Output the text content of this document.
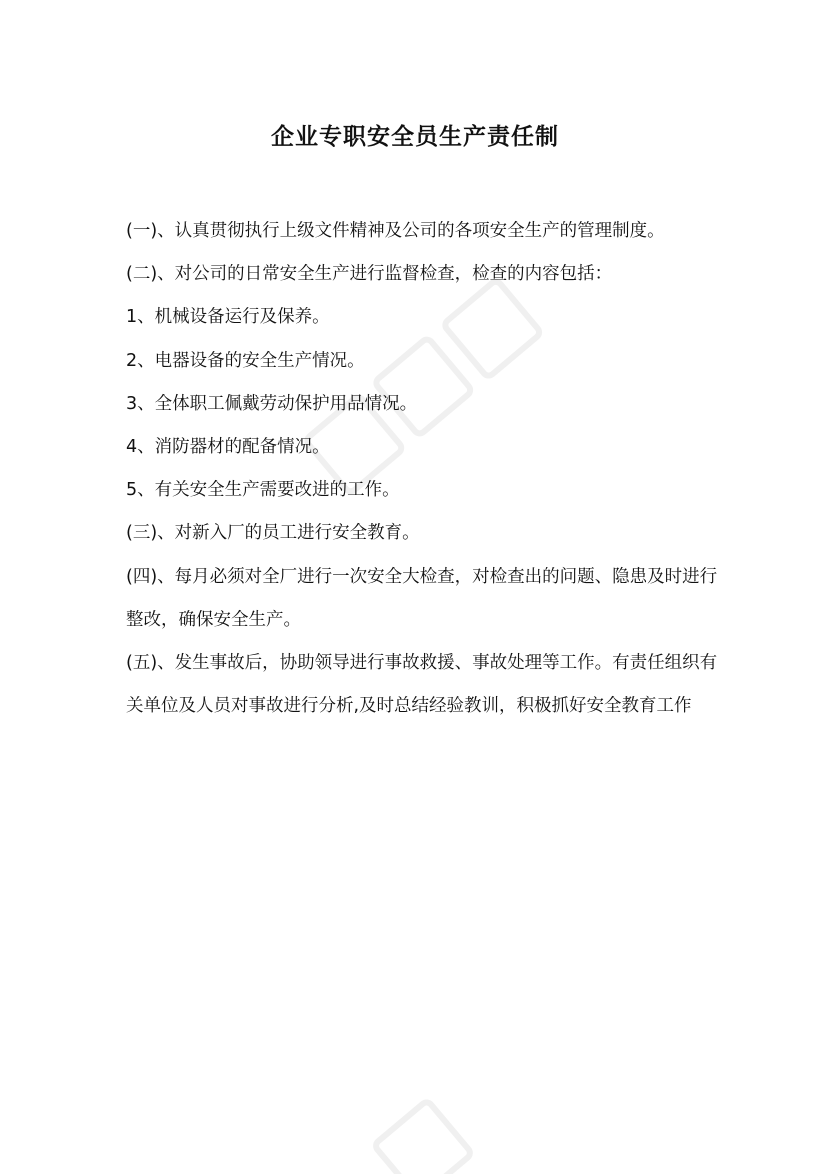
企业专职安全员生产责任制

(一)、认真贯彻执行上级文件精神及公司的各项安全生产的管理制度。

(二)、对公司的日常安全生产进行监督检查，检查的内容包括：

1、机械设备运行及保养。

2、电器设备的安全生产情况。

3、全体职工佩戴劳动保护用品情况。

4、消防器材的配备情况。

5、有关安全生产需要改进的工作。

(三)、对新入厂的员工进行安全教育。

(四)、每月必须对全厂进行一次安全大检查，对检查出的问题、隐患及时进行整改，确保安全生产。

(五)、发生事故后，协助领导进行事故救援、事故处理等工作。有责任组织有关单位及人员对事故进行分析,及时总结经验教训，积极抓好安全教育工作
